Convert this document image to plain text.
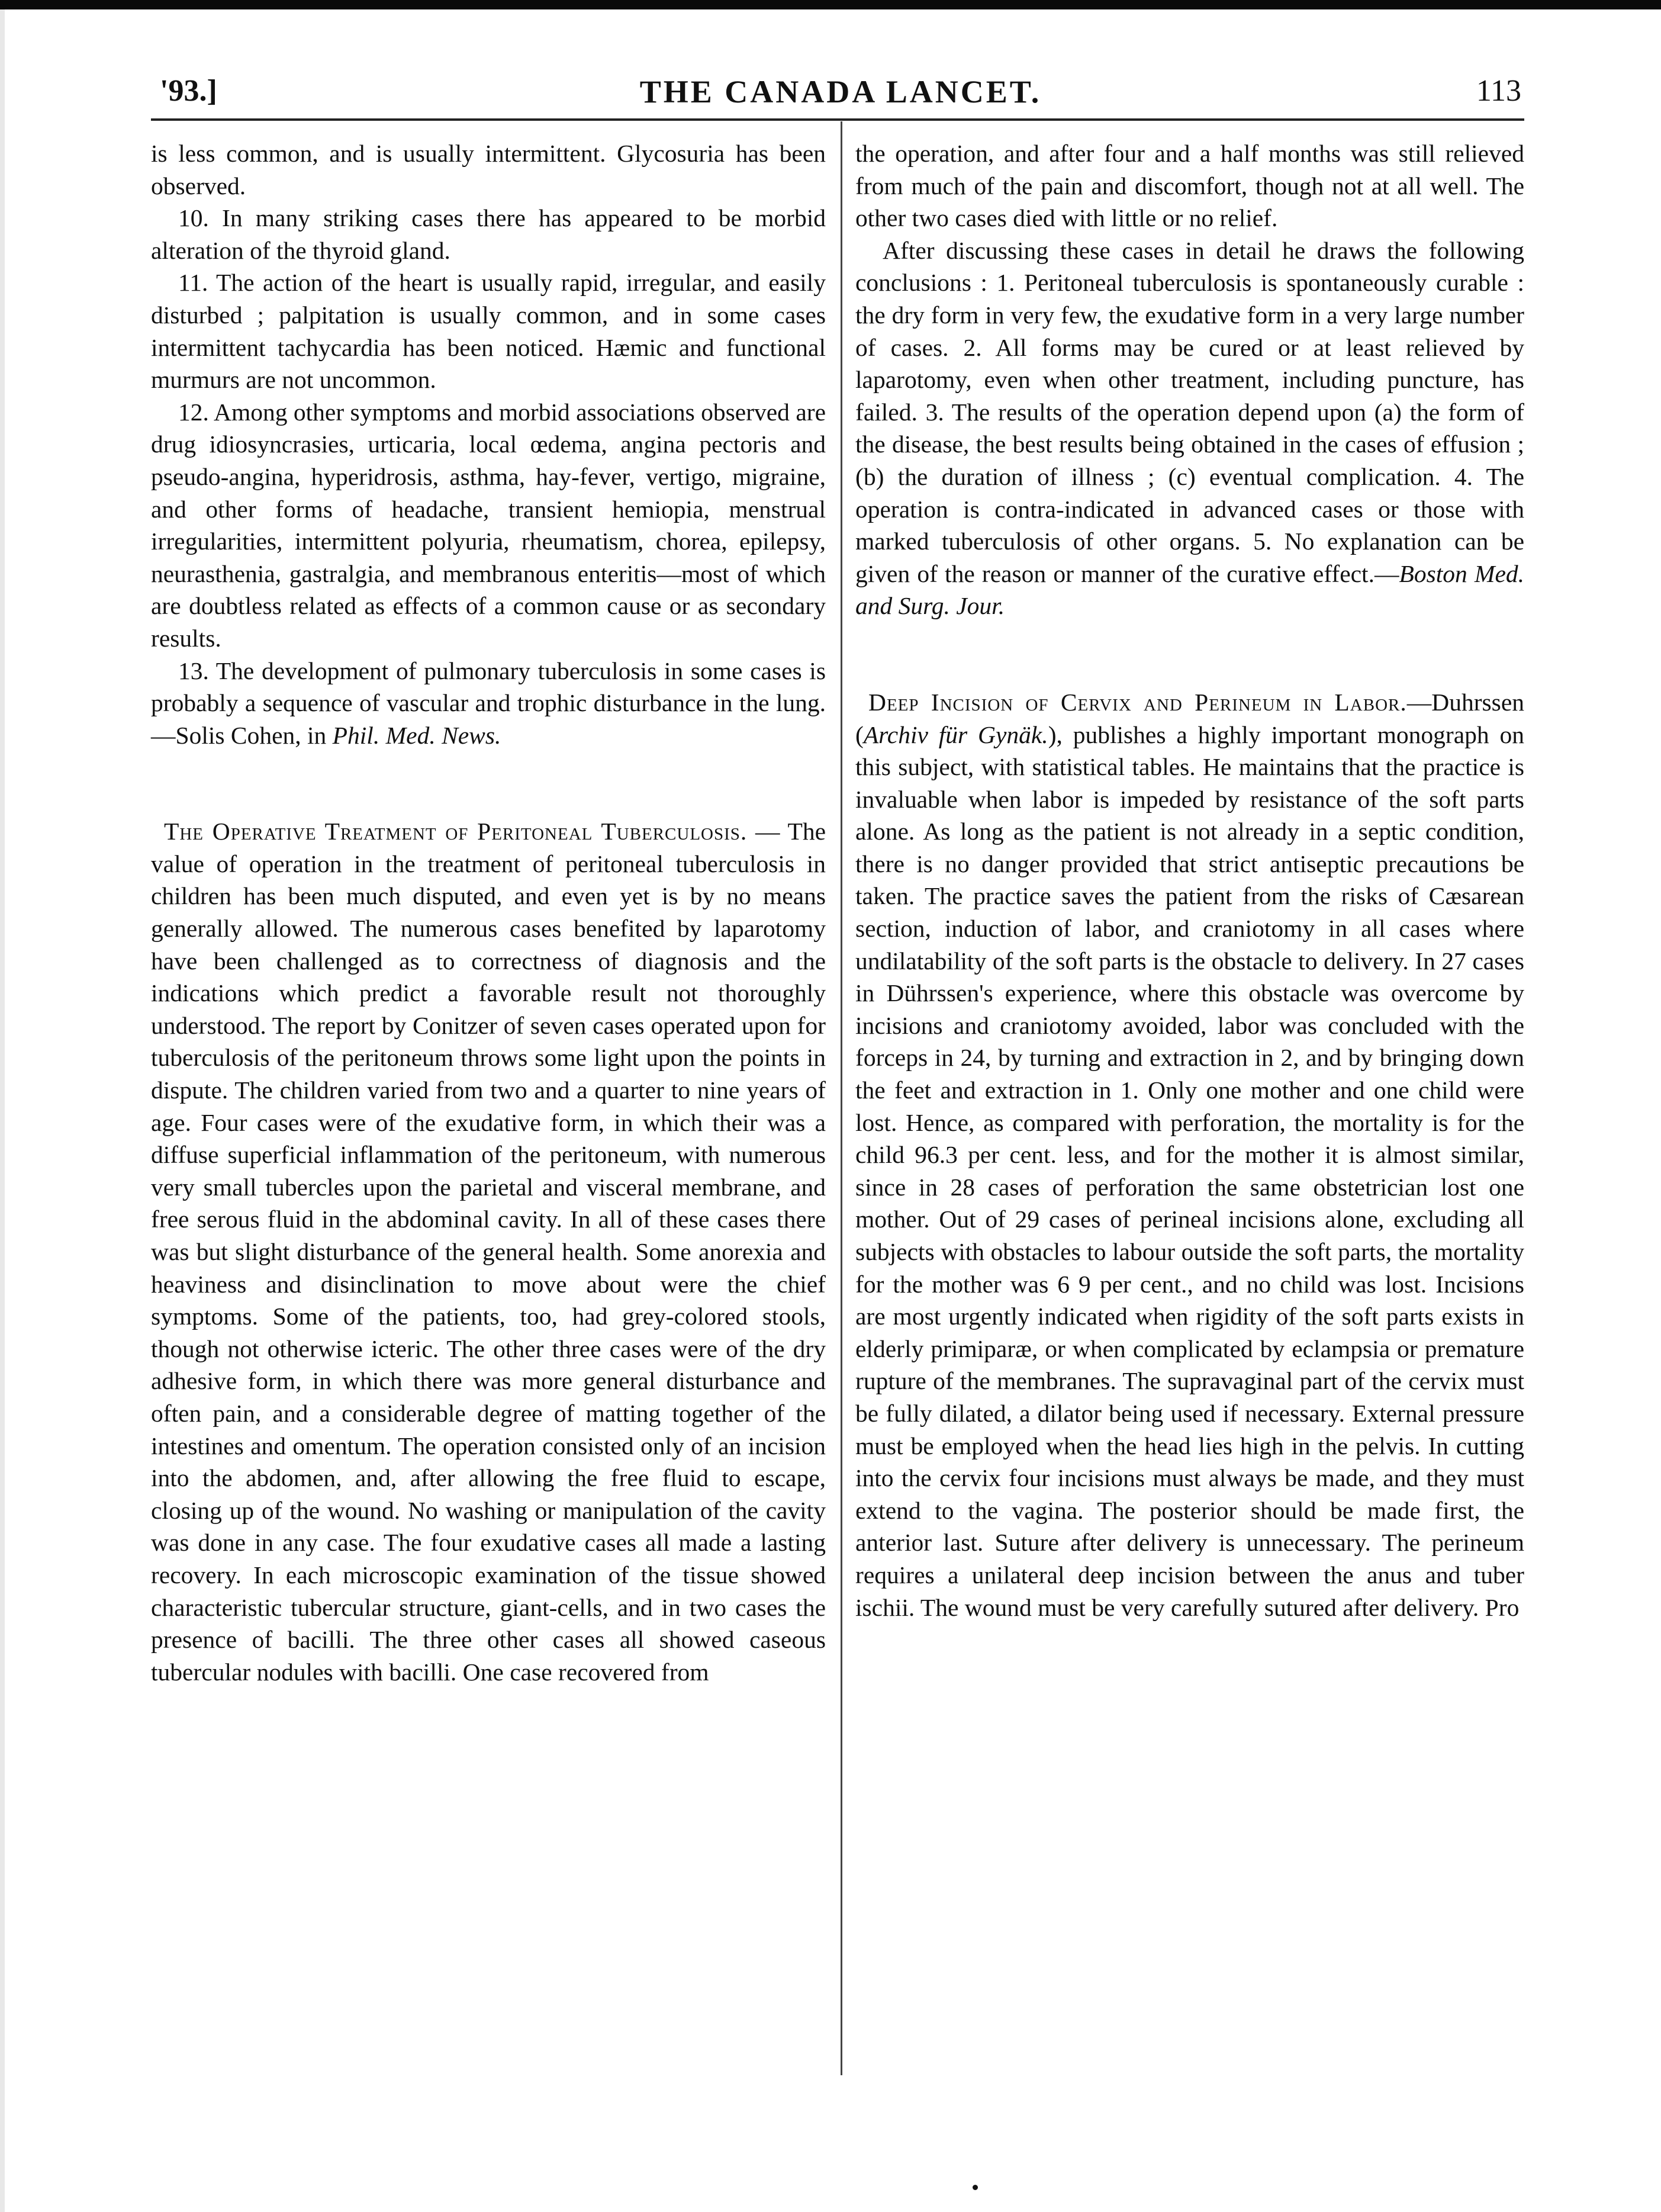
'93.]	THE CANADA LANCET.	113

is less common, and is usually intermittent. Glycosuria has been observed.

10. In many striking cases there has appeared to be morbid alteration of the thyroid gland.

11. The action of the heart is usually rapid, irregular, and easily disturbed ; palpitation is usually common, and in some cases intermittent tachycardia has been noticed. Hæmic and functional murmurs are not uncommon.

12. Among other symptoms and morbid associations observed are drug idiosyncrasies, urticaria, local œdema, angina pectoris and pseudo-angina, hyperidrosis, asthma, hay-fever, vertigo, migraine, and other forms of headache, transient hemiopia, menstrual irregularities, intermittent polyuria, rheumatism, chorea, epilepsy, neurasthenia, gastralgia, and membranous enteritis—most of which are doubtless related as effects of a common cause or as secondary results.

13. The development of pulmonary tuberculosis in some cases is probably a sequence of vascular and trophic disturbance in the lung.—Solis Cohen, in Phil. Med. News.

The Operative Treatment of Peritoneal Tuberculosis. — The value of operation in the treatment of peritoneal tuberculosis in children has been much disputed, and even yet is by no means generally allowed. The numerous cases benefited by laparotomy have been challenged as to correctness of diagnosis and the indications which predict a favorable result not thoroughly understood. The report by Conitzer of seven cases operated upon for tuberculosis of the peritoneum throws some light upon the points in dispute. The children varied from two and a quarter to nine years of age. Four cases were of the exudative form, in which their was a diffuse superficial inflammation of the peritoneum, with numerous very small tubercles upon the parietal and visceral membrane, and free serous fluid in the abdominal cavity. In all of these cases there was but slight disturbance of the general health. Some anorexia and heaviness and disinclination to move about were the chief symptoms. Some of the patients, too, had grey-colored stools, though not otherwise icteric. The other three cases were of the dry adhesive form, in which there was more general disturbance and often pain, and a considerable degree of matting together of the intestines and omentum. The operation consisted only of an incision into the abdomen, and, after allowing the free fluid to escape, closing up of the wound. No washing or manipulation of the cavity was done in any case. The four exudative cases all made a lasting recovery. In each microscopic examination of the tissue showed characteristic tubercular structure, giant-cells, and in two cases the presence of bacilli. The three other cases all showed caseous tubercular nodules with bacilli. One case recovered from

the operation, and after four and a half months was still relieved from much of the pain and discomfort, though not at all well. The other two cases died with little or no relief.

After discussing these cases in detail he draws the following conclusions : 1. Peritoneal tuberculosis is spontaneously curable : the dry form in very few, the exudative form in a very large number of cases. 2. All forms may be cured or at least relieved by laparotomy, even when other treatment, including puncture, has failed. 3. The results of the operation depend upon (a) the form of the disease, the best results being obtained in the cases of effusion ; (b) the duration of illness ; (c) eventual complication. 4. The operation is contra-indicated in advanced cases or those with marked tuberculosis of other organs. 5. No explanation can be given of the reason or manner of the curative effect.—Boston Med. and Surg. Jour.

Deep Incision of Cervix and Perineum in Labor.—Duhrssen (Archiv für Gynäk.), publishes a highly important monograph on this subject, with statistical tables. He maintains that the practice is invaluable when labor is impeded by resistance of the soft parts alone. As long as the patient is not already in a septic condition, there is no danger provided that strict antiseptic precautions be taken. The practice saves the patient from the risks of Cæsarean section, induction of labor, and craniotomy in all cases where undilatability of the soft parts is the obstacle to delivery. In 27 cases in Dührssen's experience, where this obstacle was overcome by incisions and craniotomy avoided, labor was concluded with the forceps in 24, by turning and extraction in 2, and by bringing down the feet and extraction in 1. Only one mother and one child were lost. Hence, as compared with perforation, the mortality is for the child 96.3 per cent. less, and for the mother it is almost similar, since in 28 cases of perforation the same obstetrician lost one mother. Out of 29 cases of perineal incisions alone, excluding all subjects with obstacles to labour outside the soft parts, the mortality for the mother was 6 9 per cent., and no child was lost. Incisions are most urgently indicated when rigidity of the soft parts exists in elderly primiparæ, or when complicated by eclampsia or premature rupture of the membranes. The supravaginal part of the cervix must be fully dilated, a dilator being used if necessary. External pressure must be employed when the head lies high in the pelvis. In cutting into the cervix four incisions must always be made, and they must extend to the vagina. The posterior should be made first, the anterior last. Suture after delivery is unnecessary. The perineum requires a unilateral deep incision between the anus and tuber ischii. The wound must be very carefully sutured after delivery. Pro
